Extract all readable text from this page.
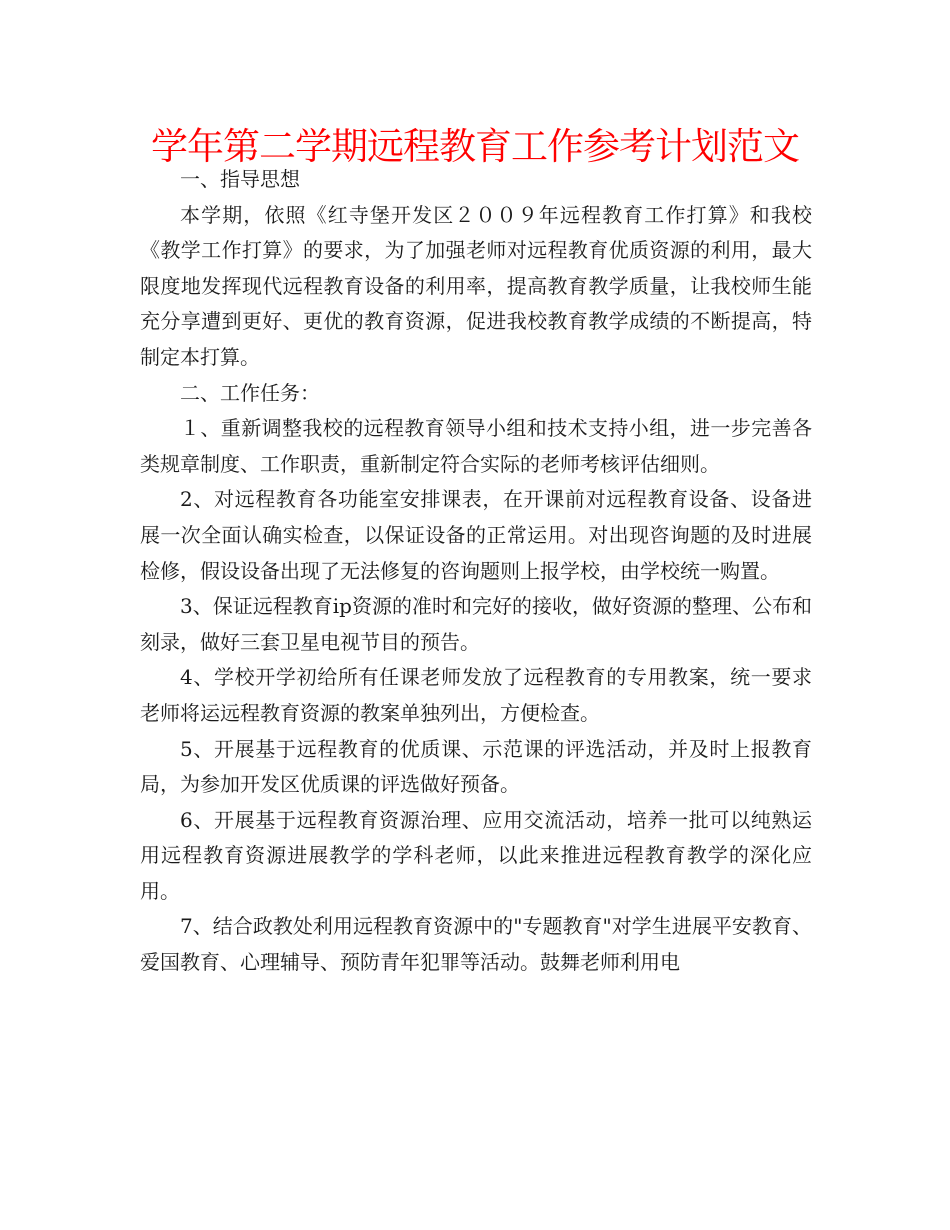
学年第二学期远程教育工作参考计划范文

一、指导思想

本学期，依照《红寺堡开发区２００９年远程教育工作打算》和我校《教学工作打算》的要求，为了加强老师对远程教育优质资源的利用，最大限度地发挥现代远程教育设备的利用率，提高教育教学质量，让我校师生能充分享遭到更好、更优的教育资源，促进我校教育教学成绩的不断提高，特制定本打算。

二、工作任务：

１、重新调整我校的远程教育领导小组和技术支持小组，进一步完善各类规章制度、工作职责，重新制定符合实际的老师考核评估细则。

2、对远程教育各功能室安排课表，在开课前对远程教育设备、设备进展一次全面认确实检查，以保证设备的正常运用。对出现咨询题的及时进展检修，假设设备出现了无法修复的咨询题则上报学校，由学校统一购置。

3、保证远程教育ip资源的准时和完好的接收，做好资源的整理、公布和刻录，做好三套卫星电视节目的预告。

4、学校开学初给所有任课老师发放了远程教育的专用教案，统一要求老师将运远程教育资源的教案单独列出，方便检查。

5、开展基于远程教育的优质课、示范课的评选活动，并及时上报教育局，为参加开发区优质课的评选做好预备。

6、开展基于远程教育资源治理、应用交流活动，培养一批可以纯熟运用远程教育资源进展教学的学科老师，以此来推进远程教育教学的深化应用。

7、结合政教处利用远程教育资源中的"专题教育"对学生进展平安教育、爱国教育、心理辅导、预防青年犯罪等活动。鼓舞老师利用电
